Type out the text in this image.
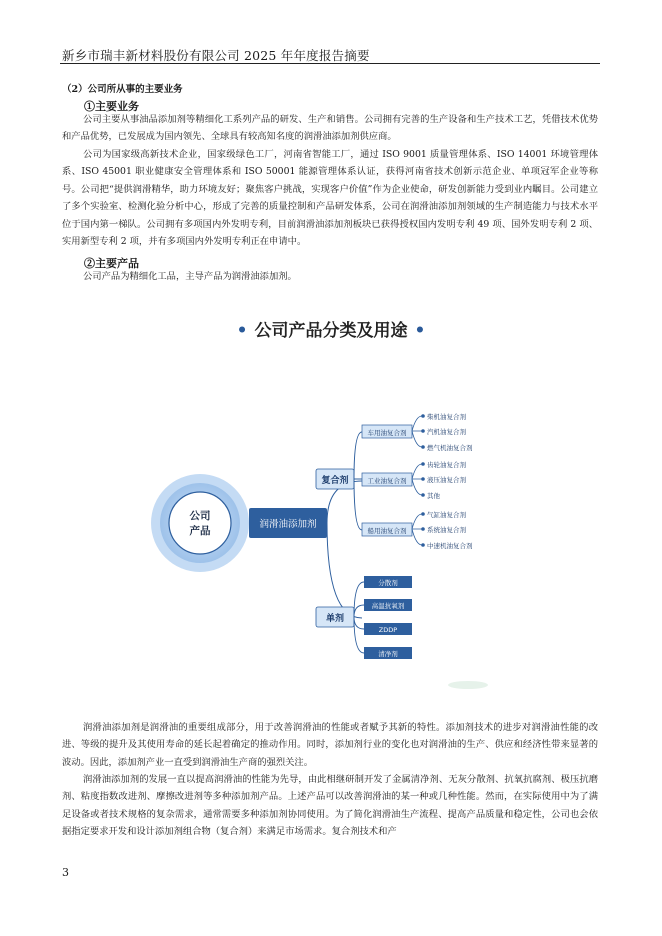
新乡市瑞丰新材料股份有限公司 2025 年年度报告摘要
（2）公司所从事的主要业务
①主要业务

公司主要从事油品添加剂等精细化工系列产品的研发、生产和销售。公司拥有完善的生产设备和生产技术工艺，凭借技术优势和产品优势，已发展成为国内领先、全球具有较高知名度的润滑油添加剂供应商。

公司为国家级高新技术企业，国家级绿色工厂，河南省智能工厂，通过 ISO 9001 质量管理体系、ISO 14001 环境管理体系、ISO 45001 职业健康安全管理体系和 ISO 50001 能源管理体系认证，获得河南省技术创新示范企业、单项冠军企业等称号。公司把“提供润滑精华，助力环境友好；聚焦客户挑战，实现客户价值”作为企业使命，研发创新能力受到业内瞩目。公司建立了多个实验室、检测化验分析中心，形成了完善的质量控制和产品研发体系，公司在润滑油添加剂领域的生产制造能力与技术水平位于国内第一梯队。公司拥有多项国内外发明专利，目前润滑油添加剂板块已获得授权国内发明专利 49 项、国外发明专利 2 项、实用新型专利 2 项，并有多项国内外发明专利正在申请中。

②主要产品

公司产品为精细化工品，主导产品为润滑油添加剂。

• 公司产品分类及用途 •
公司
产品
润滑油添加剂
复合剂
单剂
车用油复合剂
工业油复合剂
船用油复合剂
柴机油复合剂
汽机油复合剂
燃气机油复合剂
齿轮油复合剂
液压油复合剂
其他
气缸油复合剂
系统油复合剂
中速机油复合剂
分散剂
高温抗氧剂
ZDDP
清净剂

润滑油添加剂是润滑油的重要组成部分，用于改善润滑油的性能或者赋予其新的特性。添加剂技术的进步对润滑油性能的改进、等级的提升及其使用寿命的延长起着确定的推动作用。同时，添加剂行业的变化也对润滑油的生产、供应和经济性带来显著的波动。因此，添加剂产业一直受到润滑油生产商的强烈关注。

润滑油添加剂的发展一直以提高润滑油的性能为先导，由此相继研制开发了金属清净剂、无灰分散剂、抗氧抗腐剂、极压抗磨剂、粘度指数改进剂、摩擦改进剂等多种添加剂产品。上述产品可以改善润滑油的某一种或几种性能。然而，在实际使用中为了满足设备或者技术规格的复杂需求，通常需要多种添加剂协同使用。为了简化润滑油生产流程、提高产品质量和稳定性，公司也会依据指定要求开发和设计添加剂组合物（复合剂）来满足市场需求。复合剂技术和产

3
